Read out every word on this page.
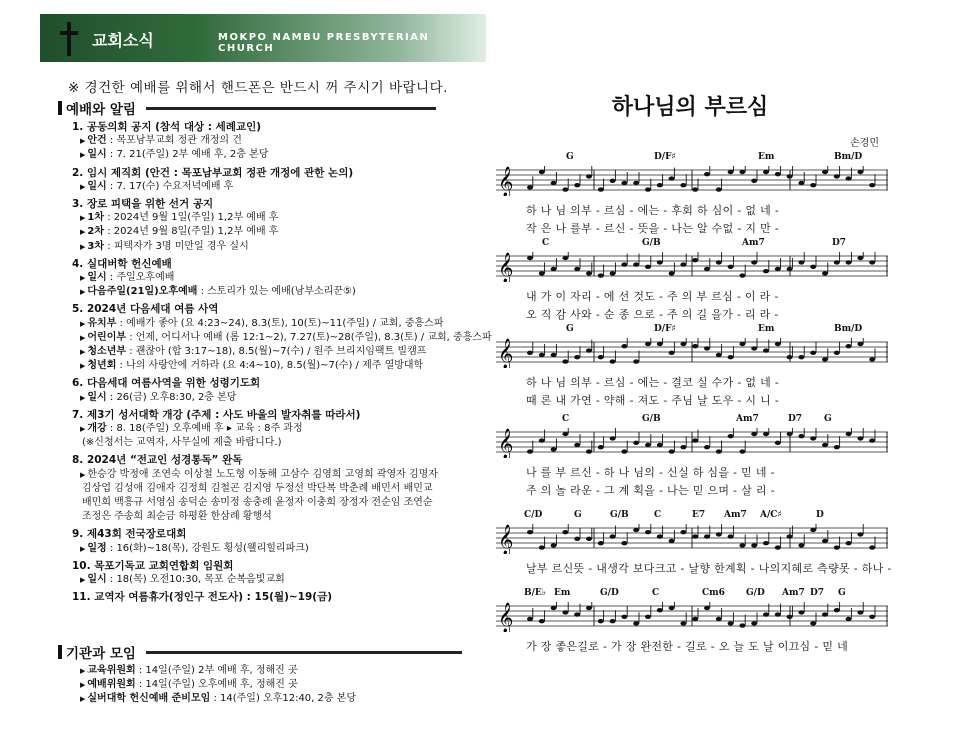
교회소식	MOKPO NAMBU PRESBYTERIAN CHURCH
※ 경건한 예배를 위해서 핸드폰은 반드시 꺼 주시기 바랍니다.
예배와 알림
1. 공동의회 공지 (참석 대상 : 세례교인)
▶ 안건 : 목포남부교회 정관 개정의 건
▶ 일시 : 7. 21(주일) 2부 예배 후, 2층 본당
2. 임시 제직회 (안건 : 목포남부교회 정관 개정에 관한 논의)
▶ 일시 : 7. 17(수) 수요저녁예배 후
3. 장로 피택을 위한 선거 공지
▶ 1차 : 2024년 9월 1일(주일) 1,2부 예배 후
▶ 2차 : 2024년 9월 8일(주일) 1,2부 예배 후
▶ 3차 : 피택자가 3명 미만일 경우 실시
4. 실대버학 헌신예배
▶ 일시 : 주일오후예배
▶ 다음주일(21일)오후예배 : 스토리가 있는 예배(남부소리꾼⑤)
5. 2024년 다음세대 여름 사역
▶ 유치부 : 예배가 좋아 (요 4:23~24), 8.3(토), 10(토)~11(주일) / 교회, 중흥스파
▶ 어린이부 : 언제, 어디서나 예배 (롬 12:1~2), 7.27(토)~28(주일), 8.3(토) / 교회, 중흥스파
▶ 청소년부 : 괜찮아 (합 3:17~18), 8.5(월)~7(수) / 원주 브리지임팩트 빌캠프
▶ 청년회 : 나의 사랑안에 거하라 (요 4:4~10), 8.5(월)~7(수) / 제주 열방대학
6. 다음세대 여름사역을 위한 성령기도회
▶ 일시 : 26(금) 오후8:30, 2층 본당
7. 제3기 성서대학 개강 (주제 : 사도 바울의 발자취를 따라서)
▶ 개강 : 8. 18(주일) 오후예배 후 ▸ 교육 : 8주 과정
(※신청서는 교역자, 사무실에 제출 바랍니다.)
8. 2024년 “전교인 성경통독” 완독
▶ 한승강 박정애 조연숙 이상철 노도형 이동해 고삼수 김영희 고영희 곽영자 김명자
김상업 김성애 김애자 김정희 김철곤 김지영 두정선 박단복 박춘례 배민서 배민교
배민희 백흥규 서영심 송덕순 송미정 송충례 윤정자 이충희 장정자 전순임 조연순
조정은 주송희 최순금 하평환 한삼례 황행석
9. 제43회 전국장로대회
▶ 일정 : 16(화)~18(목), 강원도 횡성(웰리힐리파크)
10. 목포기독교 교회연합회 임원회
▶ 일시 : 18(목) 오전10:30, 목포 순복음빛교회
11. 교역자 여름휴가(정인구 전도사) : 15(월)~19(금)
기관과 모임
▶ 교육위원회 : 14일(주일) 2부 예배 후, 정해진 곳
▶ 예배위원회 : 14일(주일) 오후예배 후, 정해진 곳
▶ 실버대학 헌신예배 준비모임 : 14(주일) 오후12:40, 2층 본당
하나님의 부르심
손경민
G	D/F♯	Em	Bm/D
𝄞
하 나 님 의부 - 르심 - 에는 - 후회 하 심이 - 없 네 -
작 은 나 를부 - 르신 - 뜻을 - 나는 알 수없 - 지 만 -
C	G/B	Am7	D7
𝄞
내 가 이 자리 - 에 선 것도 - 주 의 부 르심 - 이 라 -
오 직 감 사와 - 순 종 으로 - 주 의 길 을가 - 리 라 -
G	D/F♯	Em	Bm/D
𝄞
하 나 님 의부 - 르심 - 에는 - 결코 실 수가 - 없 네 -
때 론 내 가연 - 약해 - 져도 - 주님 날 도우 - 시 니 -
C	G/B	Am7	D7 G
𝄞
나 를 부 르신 - 하 나 님의 - 신실 하 심을 - 믿 네 -
주 의 놀 라운 - 그 계 획을 - 나는 믿 으며 - 살 리 -
C/D	G	G/B	C	E7 Am7 A/C♯	D
𝄞
날부 르신뜻 - 내생각 보다크고 - 날향 한계획 - 나의지혜로 측량못 - 하나 -
B/E♭ Em	G/D	C	Cm6 G/D Am7 D7 G
𝄞
가 장 좋은길로 - 가 장 완전한 - 길로 - 오 늘 도 날 이끄심 - 믿 네
